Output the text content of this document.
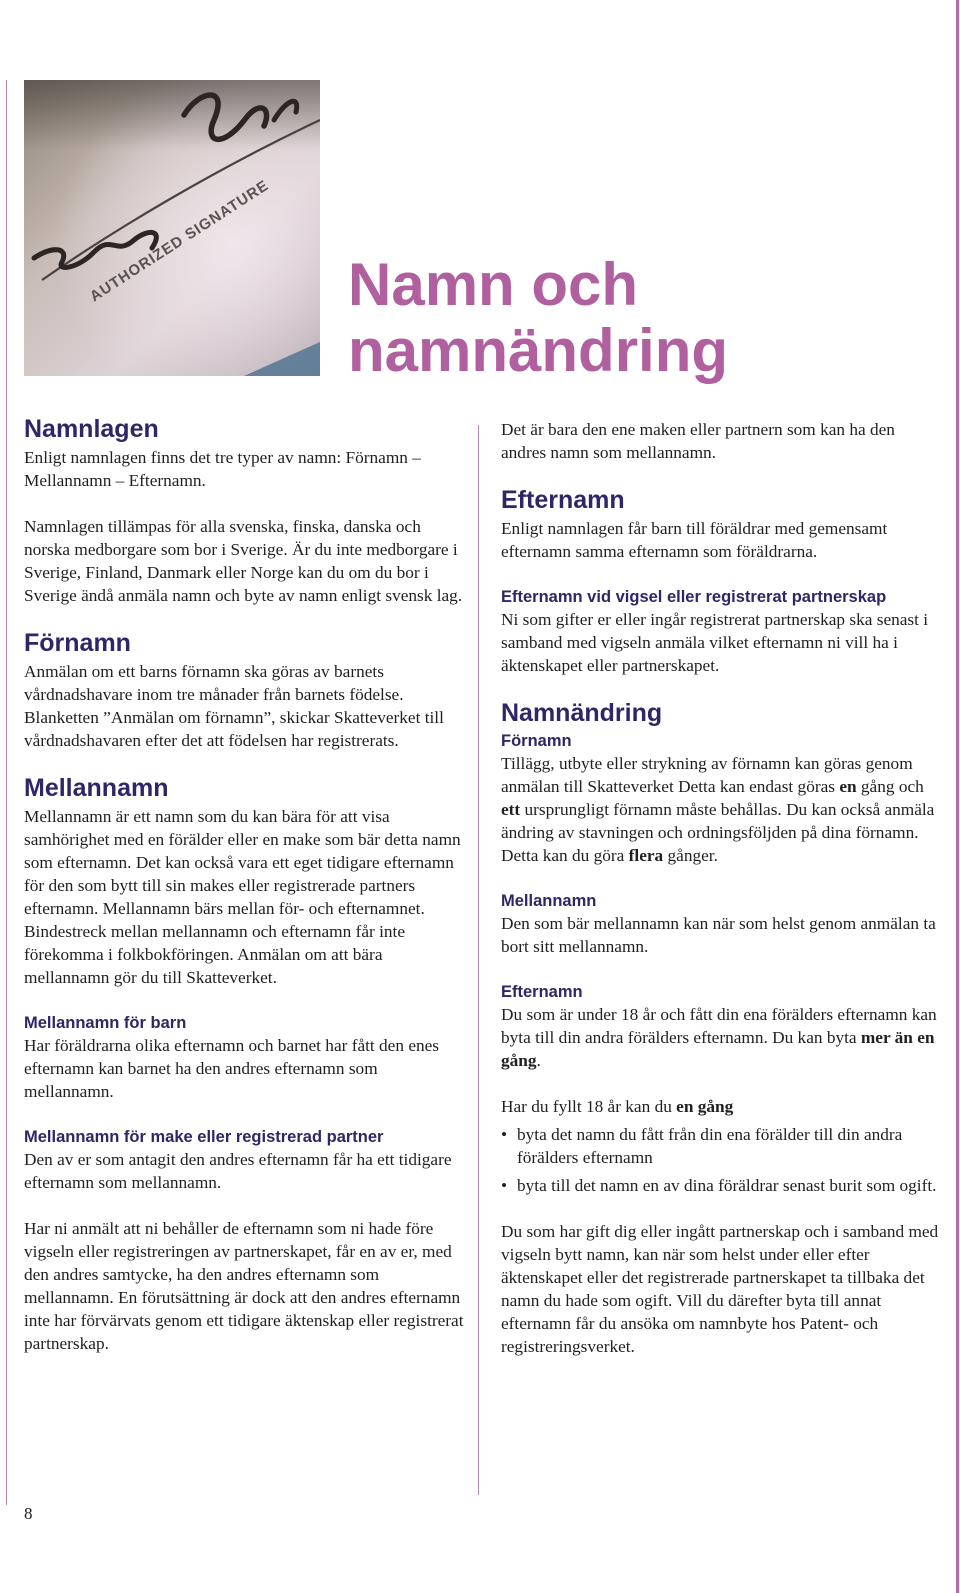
AUTHORIZED SIGNATURE Namn och namnändring
Namnlagen

Enligt namnlagen finns det tre typer av namn: Förnamn – Mellannamn – Efternamn.

Namnlagen tillämpas för alla svenska, finska, danska och norska medborgare som bor i Sverige. Är du inte medborgare i Sverige, Finland, Danmark eller Norge kan du om du bor i Sverige ändå anmäla namn och byte av namn enligt svensk lag.

Förnamn

Anmälan om ett barns förnamn ska göras av barnets vårdnadshavare inom tre månader från barnets födelse. Blanketten ”Anmälan om förnamn”, skickar Skatteverket till vårdnadshavaren efter det att födelsen har registrerats.

Mellannamn

Mellannamn är ett namn som du kan bära för att visa samhörighet med en förälder eller en make som bär detta namn som efternamn. Det kan också vara ett eget tidigare efternamn för den som bytt till sin makes eller registrerade partners efternamn. Mellannamn bärs mellan för- och efternamnet. Bindestreck mellan mellannamn och efternamn får inte förekomma i folkbokföringen. Anmälan om att bära mellannamn gör du till Skatteverket.

Mellannamn för barn

Har föräldrarna olika efternamn och barnet har fått den enes efternamn kan barnet ha den andres efternamn som mellannamn.

Mellannamn för make eller registrerad partner

Den av er som antagit den andres efternamn får ha ett tidigare efternamn som mellannamn.

Har ni anmält att ni behåller de efternamn som ni hade före vigseln eller registreringen av partnerskapet, får en av er, med den andres samtycke, ha den andres efternamn som mellannamn. En förutsättning är dock att den andres efternamn inte har förvärvats genom ett tidigare äktenskap eller registrerat partnerskap.

Det är bara den ene maken eller partnern som kan ha den andres namn som mellannamn.

Efternamn

Enligt namnlagen får barn till föräldrar med gemensamt efternamn samma efternamn som föräldrarna.

Efternamn vid vigsel eller registrerat partnerskap

Ni som gifter er eller ingår registrerat partnerskap ska senast i samband med vigseln anmäla vilket efternamn ni vill ha i äktenskapet eller partnerskapet.

Namnändring
Förnamn

Tillägg, utbyte eller strykning av förnamn kan göras genom anmälan till Skatteverket Detta kan endast göras en gång och ett ursprungligt förnamn måste behållas. Du kan också anmäla ändring av stavningen och ordningsföljden på dina förnamn. Detta kan du göra flera gånger.

Mellannamn

Den som bär mellannamn kan när som helst genom anmälan ta bort sitt mellannamn.

Efternamn

Du som är under 18 år och fått din ena förälders efternamn kan byta till din andra förälders efternamn. Du kan byta mer än en gång.

Har du fyllt 18 år kan du en gång

• byta det namn du fått från din ena förälder till din andra förälders efternamn
• byta till det namn en av dina föräldrar senast burit som ogift.

Du som har gift dig eller ingått partnerskap och i samband med vigseln bytt namn, kan när som helst under eller efter äktenskapet eller det registrerade partnerskapet ta tillbaka det namn du hade som ogift. Vill du därefter byta till annat efternamn får du ansöka om namnbyte hos Patent- och registreringsverket.

8
